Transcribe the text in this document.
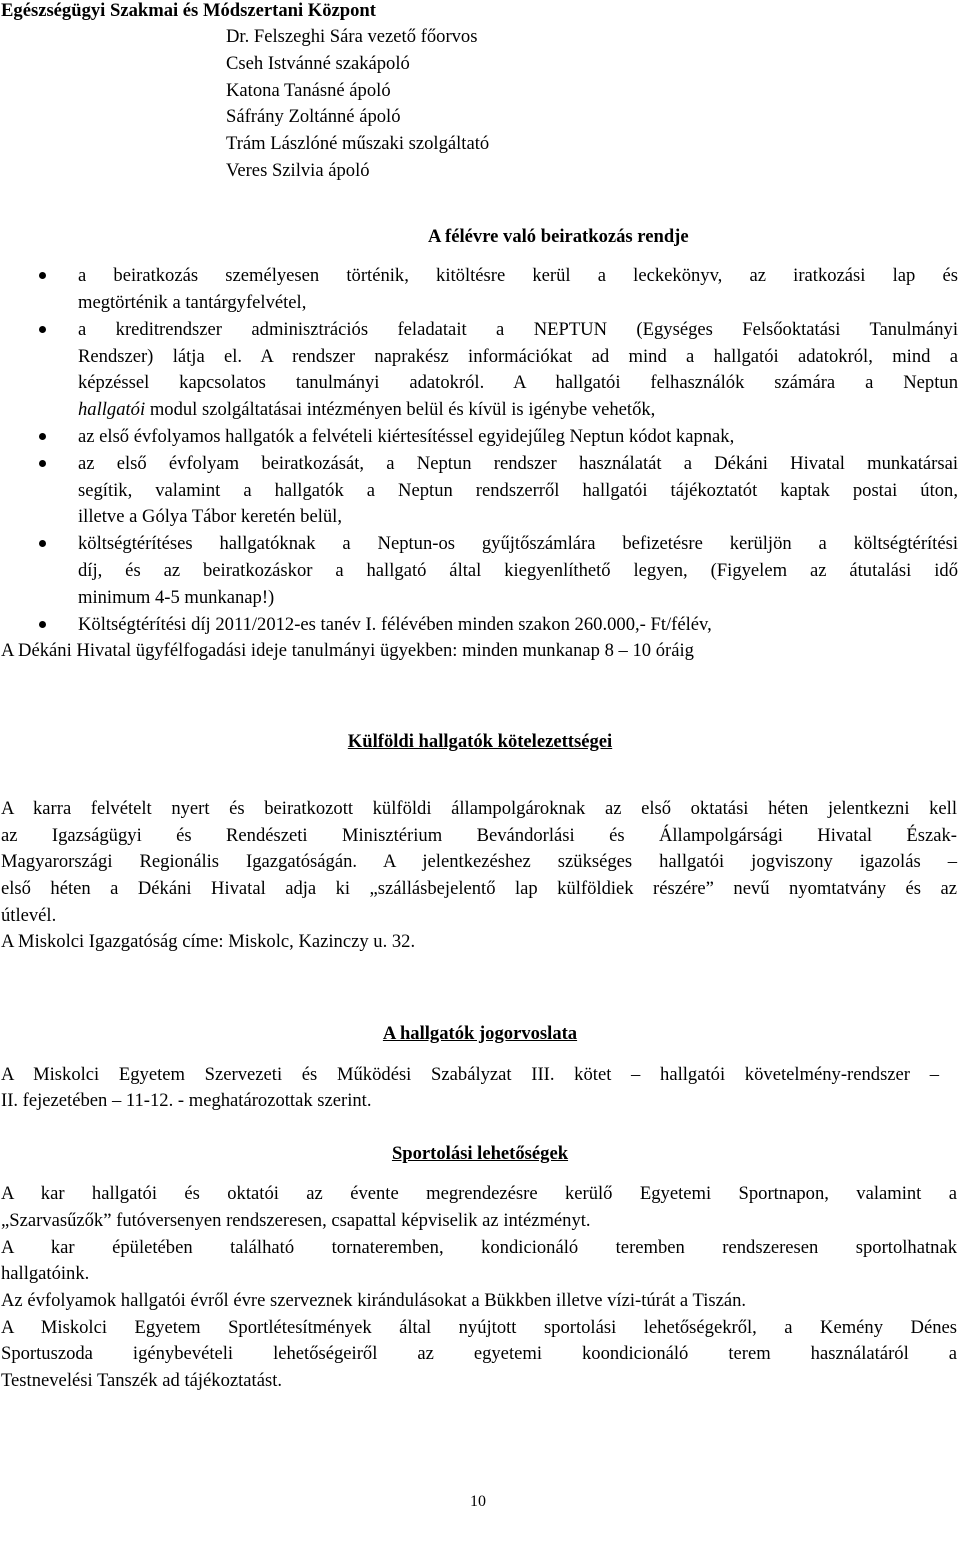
Egészségügyi Szakmai és Módszertani Központ
Dr. Felszeghi Sára vezető főorvos
Cseh Istvánné szakápoló
Katona Tanásné ápoló
Sáfrány Zoltánné ápoló
Trám Lászlóné műszaki szolgáltató
Veres Szilvia ápoló
A félévre való beiratkozás rendje
a beiratkozás személyesen történik, kitöltésre kerül a leckekönyv, az iratkozási lap és
megtörténik a tantárgyfelvétel,
a kreditrendszer adminisztrációs feladatait a NEPTUN (Egységes Felsőoktatási Tanulmányi
Rendszer) látja el. A rendszer naprakész információkat ad mind a hallgatói adatokról, mind a
képzéssel kapcsolatos tanulmányi adatokról. A hallgatói felhasználók számára a Neptun
hallgatói modul szolgáltatásai intézményen belül és kívül is igénybe vehetők,
az első évfolyamos hallgatók a felvételi kiértesítéssel egyidejűleg Neptun kódot kapnak,
az első évfolyam beiratkozását, a Neptun rendszer használatát a Dékáni Hivatal munkatársai
segítik, valamint a hallgatók a Neptun rendszerről hallgatói tájékoztatót kaptak postai úton,
illetve a Gólya Tábor keretén belül,
költségtérítéses hallgatóknak a Neptun-os gyűjtőszámlára befizetésre kerüljön a költségtérítési
díj, és az beiratkozáskor a hallgató által kiegyenlíthető legyen, (Figyelem az átutalási idő
minimum 4-5 munkanap!)
Költségtérítési díj 2011/2012-es tanév I. félévében minden szakon 260.000,- Ft/félév,
A Dékáni Hivatal ügyfélfogadási ideje tanulmányi ügyekben: minden munkanap 8 – 10 óráig
Külföldi hallgatók kötelezettségei
A karra felvételt nyert és beiratkozott külföldi állampolgároknak az első oktatási héten jelentkezni kell
az Igazságügyi és Rendészeti Minisztérium Bevándorlási és Állampolgársági Hivatal Észak-
Magyarországi Regionális Igazgatóságán. A jelentkezéshez szükséges hallgatói jogviszony igazolás –
első héten a Dékáni Hivatal adja ki „szállásbejelentő lap külföldiek részére” nevű nyomtatvány és az
útlevél.
A Miskolci Igazgatóság címe: Miskolc, Kazinczy u. 32.
A hallgatók jogorvoslata
A Miskolci Egyetem Szervezeti és Működési Szabályzat III. kötet – hallgatói követelmény-rendszer –
II. fejezetében – 11-12. - meghatározottak szerint.
Sportolási lehetőségek
A kar hallgatói és oktatói az évente megrendezésre kerülő Egyetemi Sportnapon, valamint a
„Szarvasűzők” futóversenyen rendszeresen, csapattal képviselik az intézményt.
A kar épületében található tornateremben, kondicionáló teremben rendszeresen sportolhatnak
hallgatóink.
Az évfolyamok hallgatói évről évre szerveznek kirándulásokat a Bükkben illetve vízi-túrát a Tiszán.
A Miskolci Egyetem Sportlétesítmények által nyújtott sportolási lehetőségekről, a Kemény Dénes
Sportuszoda igénybevételi lehetőségeiről az egyetemi koondicionáló terem használatáról a
Testnevelési Tanszék ad tájékoztatást.
10
